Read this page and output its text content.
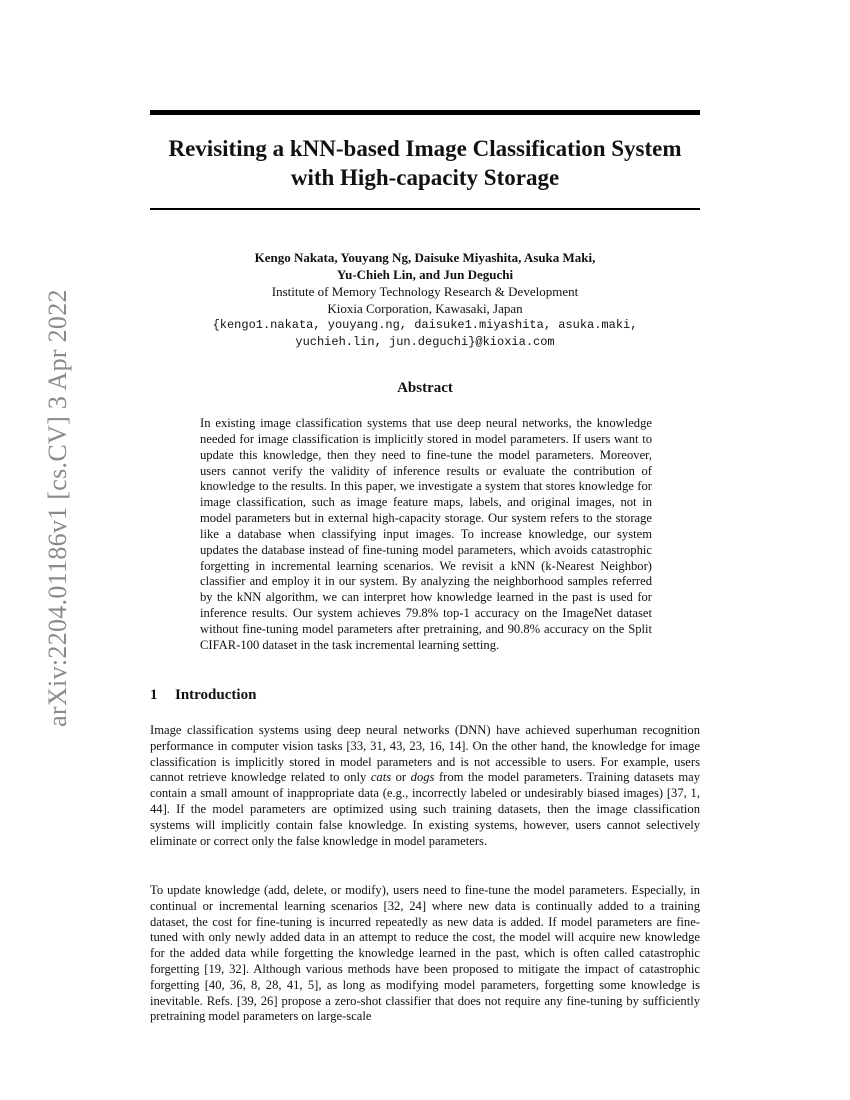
arXiv:2204.01186v1 [cs.CV] 3 Apr 2022
Revisiting a kNN-based Image Classification System
with High-capacity Storage
Kengo Nakata, Youyang Ng, Daisuke Miyashita, Asuka Maki,
Yu-Chieh Lin, and Jun Deguchi
Institute of Memory Technology Research & Development
Kioxia Corporation, Kawasaki, Japan
{kengo1.nakata, youyang.ng, daisuke1.miyashita, asuka.maki,
yuchieh.lin, jun.deguchi}@kioxia.com
Abstract
In existing image classification systems that use deep neural networks, the knowledge needed for image classification is implicitly stored in model parameters. If users want to update this knowledge, then they need to fine-tune the model parameters. Moreover, users cannot verify the validity of inference results or evaluate the contribution of knowledge to the results. In this paper, we investigate a system that stores knowledge for image classification, such as image feature maps, labels, and original images, not in model parameters but in external high-capacity storage. Our system refers to the storage like a database when classifying input images. To increase knowledge, our system updates the database instead of fine-tuning model parameters, which avoids catastrophic forgetting in incremental learning scenarios. We revisit a kNN (k-Nearest Neighbor) classifier and employ it in our system. By analyzing the neighborhood samples referred by the kNN algorithm, we can interpret how knowledge learned in the past is used for inference results. Our system achieves 79.8% top-1 accuracy on the ImageNet dataset without fine-tuning model parameters after pretraining, and 90.8% accuracy on the Split CIFAR-100 dataset in the task incremental learning setting.
1 Introduction

Image classification systems using deep neural networks (DNN) have achieved superhuman recognition performance in computer vision tasks [33, 31, 43, 23, 16, 14]. On the other hand, the knowledge for image classification is implicitly stored in model parameters and is not accessible to users. For example, users cannot retrieve knowledge related to only cats or dogs from the model parameters. Training datasets may contain a small amount of inappropriate data (e.g., incorrectly labeled or undesirably biased images) [37, 1, 44]. If the model parameters are optimized using such training datasets, then the image classification systems will implicitly contain false knowledge. In existing systems, however, users cannot selectively eliminate or correct only the false knowledge in model parameters.

To update knowledge (add, delete, or modify), users need to fine-tune the model parameters. Especially, in continual or incremental learning scenarios [32, 24] where new data is continually added to a training dataset, the cost for fine-tuning is incurred repeatedly as new data is added. If model parameters are fine-tuned with only newly added data in an attempt to reduce the cost, the model will acquire new knowledge for the added data while forgetting the knowledge learned in the past, which is often called catastrophic forgetting [19, 32]. Although various methods have been proposed to mitigate the impact of catastrophic forgetting [40, 36, 8, 28, 41, 5], as long as modifying model parameters, forgetting some knowledge is inevitable. Refs. [39, 26] propose a zero-shot classifier that does not require any fine-tuning by sufficiently pretraining model parameters on large-scale
